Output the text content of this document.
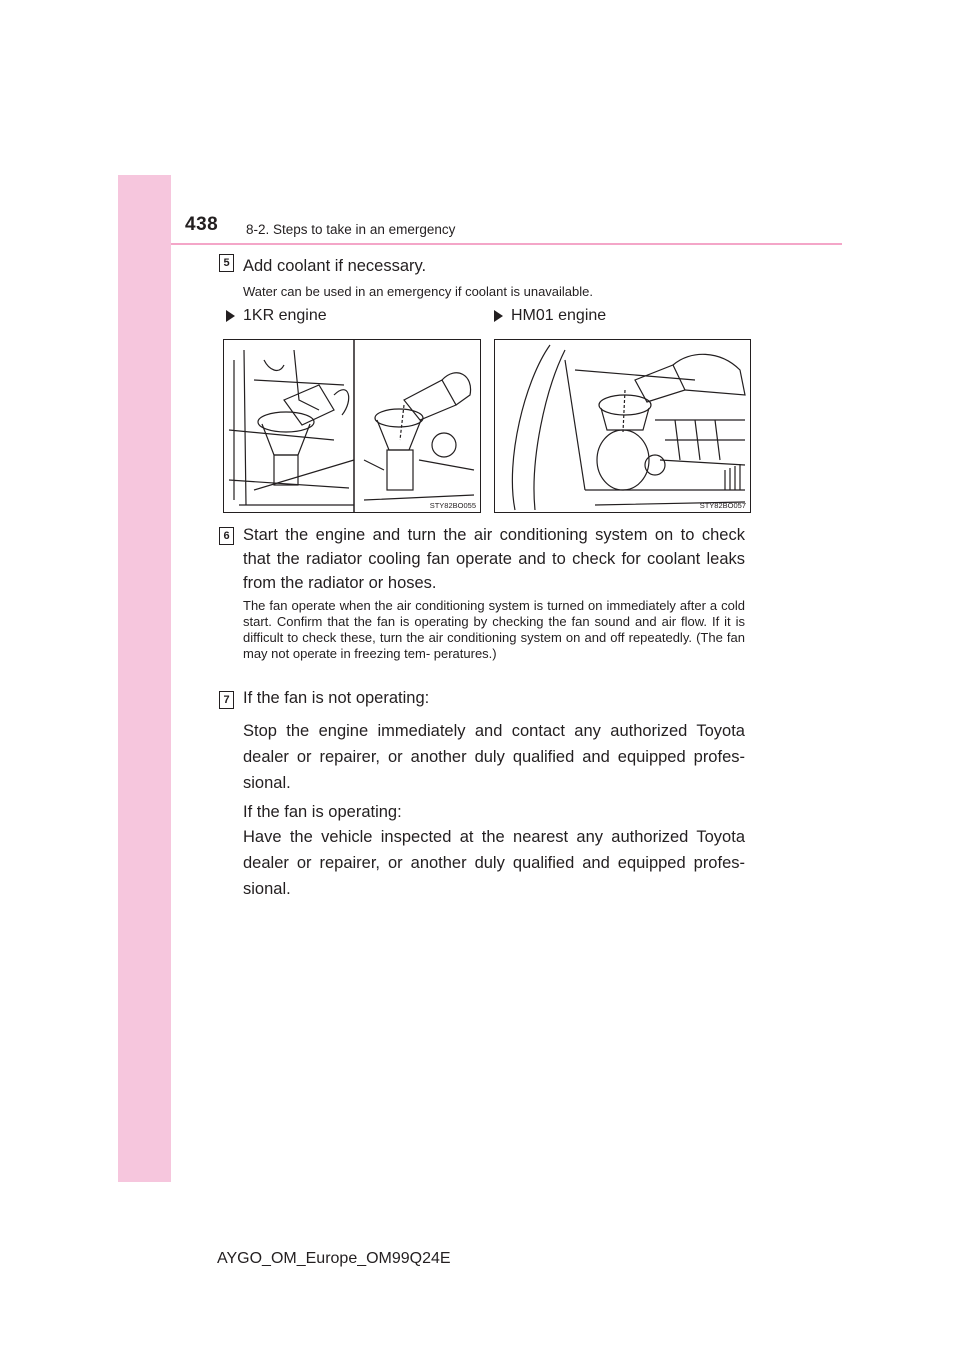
438 8-2. Steps to take in an emergency
5 Add coolant if necessary.
Water can be used in an emergency if coolant is unavailable.
1KR engine	HM01 engine
STY82BO055	STY82BO057
6 Start the engine and turn the air conditioning system on to check that the radiator cooling fan operate and to check for coolant leaks from the radiator or hoses.
The fan operate when the air conditioning system is turned on immediately after a cold start. Confirm that the fan is operating by checking the fan sound and air flow. If it is difficult to check these, turn the air conditioning system on and off repeatedly. (The fan may not operate in freezing tem- peratures.)
7 If the fan is not operating:
Stop the engine immediately and contact any authorized Toyota dealer or repairer, or another duly qualified and equipped profes- sional.
If the fan is operating:
Have the vehicle inspected at the nearest any authorized Toyota dealer or repairer, or another duly qualified and equipped profes- sional.
AYGO_OM_Europe_OM99Q24E
